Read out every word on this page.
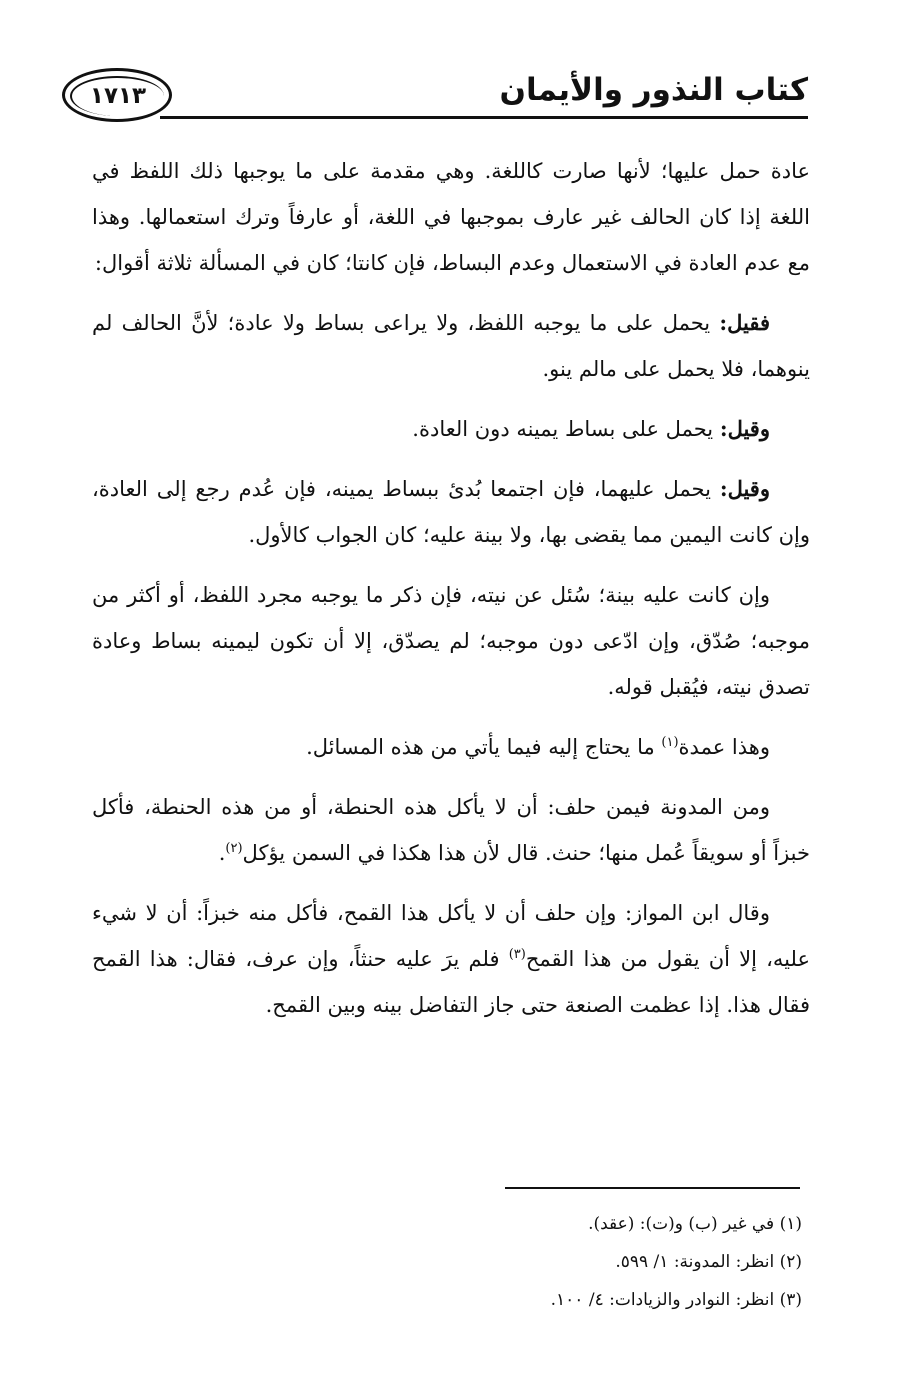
كتاب النذور والأيمان
١٧١٣

عادة حمل عليها؛ لأنها صارت كاللغة. وهي مقدمة على ما يوجبها ذلك اللفظ في اللغة إذا كان الحالف غير عارف بموجبها في اللغة، أو عارفاً وترك استعمالها. وهذا مع عدم العادة في الاستعمال وعدم البساط، فإن كانتا؛ كان في المسألة ثلاثة أقوال:

فقيل: يحمل على ما يوجبه اللفظ، ولا يراعى بساط ولا عادة؛ لأنَّ الحالف لم ينوهما، فلا يحمل على مالم ينو.

وقيل: يحمل على بساط يمينه دون العادة.

وقيل: يحمل عليهما، فإن اجتمعا بُدئ ببساط يمينه، فإن عُدم رجع إلى العادة، وإن كانت اليمين مما يقضى بها، ولا بينة عليه؛ كان الجواب كالأول.

وإن كانت عليه بينة؛ سُئل عن نيته، فإن ذكر ما يوجبه مجرد اللفظ، أو أكثر من موجبه؛ صُدّق، وإن ادّعى دون موجبه؛ لم يصدّق، إلا أن تكون ليمينه بساط وعادة تصدق نيته، فيُقبل قوله.

وهذا عمدة$^{(١)}$ ما يحتاج إليه فيما يأتي من هذه المسائل.

ومن المدونة فيمن حلف: أن لا يأكل هذه الحنطة، أو من هذه الحنطة، فأكل خبزاً أو سويقاً عُمل منها؛ حنث. قال لأن هذا هكذا في السمن يؤكل$^{(٢)}$.

وقال ابن المواز: وإن حلف أن لا يأكل هذا القمح، فأكل منه خبزاً: أن لا شيء عليه، إلا أن يقول من هذا القمح$^{(٣)}$ فلم يرَ عليه حنثاً، وإن عرف، فقال: هذا القمح فقال هذا. إذا عظمت الصنعة حتى جاز التفاضل بينه وبين القمح.

(١) في غير (ب) و(ت): (عقد).
(٢) انظر: المدونة: ١/ ٥٩٩.
(٣) انظر: النوادر والزيادات: ٤/ ١٠٠.
